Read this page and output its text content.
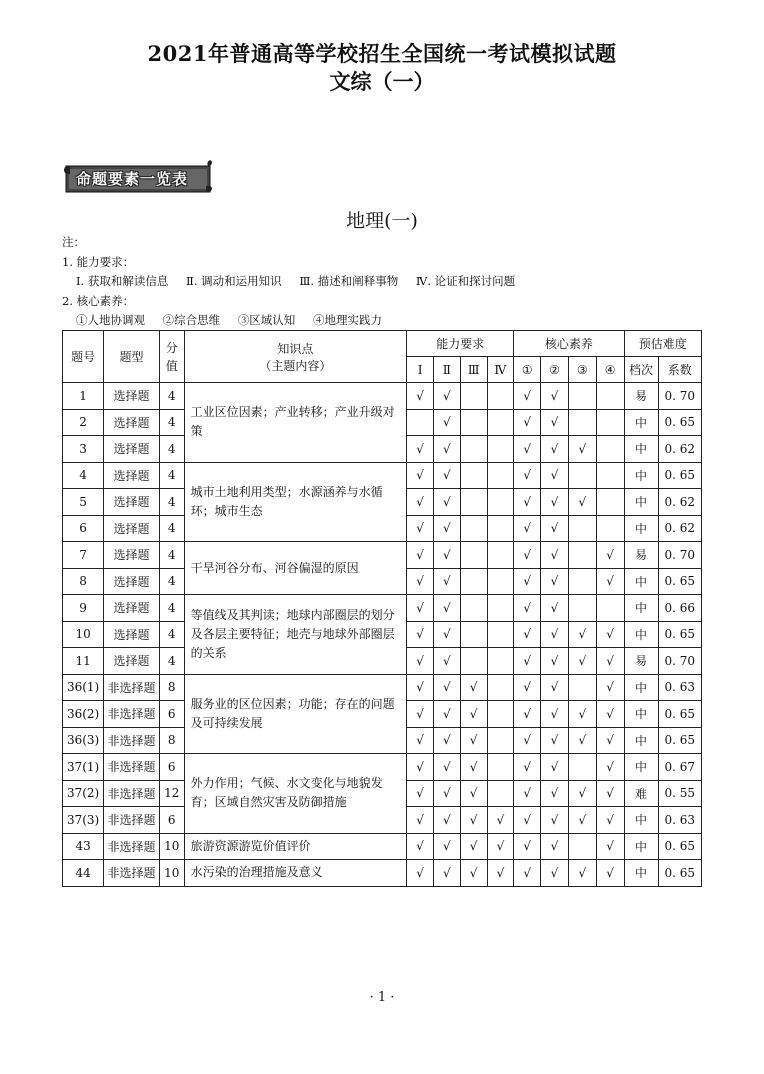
2021年普通高等学校招生全国统一考试模拟试题
文综（一）
命题要素一览表
地理(一)
注：
1. 能力要求：
Ⅰ. 获取和解读信息 Ⅱ. 调动和运用知识 Ⅲ. 描述和阐释事物 Ⅳ. 论证和探讨问题
2. 核心素养：
①人地协调观 ②综合思维 ③区域认知 ④地理实践力
题号	题型	分值	知识点
（主题内容）	能力要求				核心素养				预估难度	
				Ⅰ	Ⅱ	Ⅲ	Ⅳ	①	②	③	④	档次	系数
1	选择题	4	工业区位因素；产业转移；产业升级对策	√	√			√	√			易	0. 70
2	选择题	4			√			√	√			中	0. 65
3	选择题	4		√	√			√	√	√		中	0. 62
4	选择题	4	城市土地利用类型；水源涵养与水循环；城市生态	√	√			√	√			中	0. 65
5	选择题	4		√	√			√	√	√		中	0. 62
6	选择题	4		√	√			√	√			中	0. 62
7	选择题	4	干旱河谷分布、河谷偏湿的原因	√	√			√	√		√	易	0. 70
8	选择题	4		√	√			√	√		√	中	0. 65
9	选择题	4	等值线及其判读；地球内部圈层的划分及各层主要特征；地壳与地球外部圈层的关系	√	√			√	√			中	0. 66
10	选择题	4		√	√			√	√	√	√	中	0. 65
11	选择题	4		√	√			√	√	√	√	易	0. 70
36(1)	非选择题	8	服务业的区位因素；功能；存在的问题及可持续发展	√	√	√		√	√		√	中	0. 63
36(2)	非选择题	6		√	√	√		√	√	√	√	中	0. 65
36(3)	非选择题	8		√	√	√		√	√	√	√	中	0. 65
37(1)	非选择题	6	外力作用；气候、水文变化与地貌发育；区域自然灾害及防御措施	√	√	√		√	√		√	中	0. 67
37(2)	非选择题	12		√	√	√		√	√	√	√	难	0. 55
37(3)	非选择题	6		√	√	√	√	√	√	√	√	中	0. 63
43	非选择题	10	旅游资源游览价值评价	√	√	√	√	√	√		√	中	0. 65
44	非选择题	10	水污染的治理措施及意义	√	√	√	√	√	√	√	√	中	0. 65
· 1 ·
